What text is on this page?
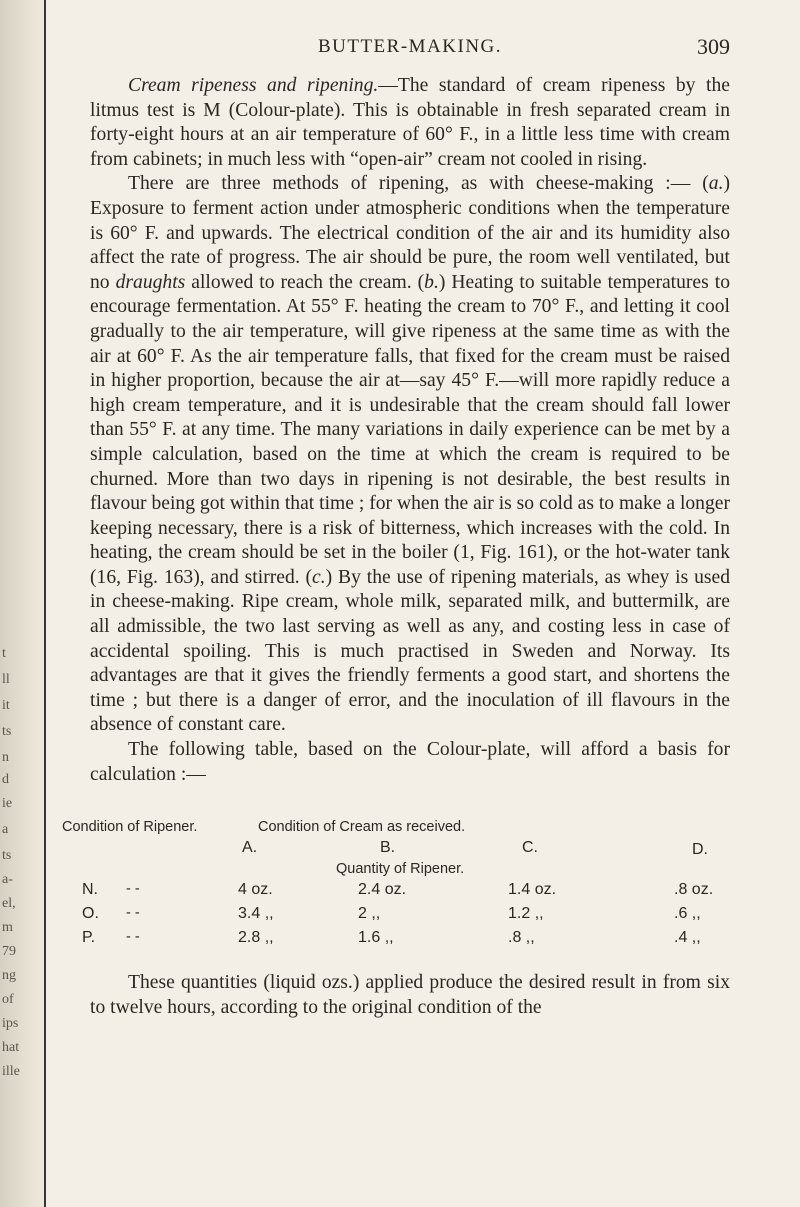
t
ll
it
ts
n
d
ie
a
ts
a-
el,
m
79
ng
of
ips
hat
ille
BUTTER-MAKING.	309

Cream ripeness and ripening.—The standard of cream ripeness by the litmus test is M (Colour-plate). This is obtainable in fresh separated cream in forty-eight hours at an air temperature of 60° F., in a little less time with cream from cabinets; in much less with “open-air” cream not cooled in rising.

There are three methods of ripening, as with cheese-making :— (a.) Exposure to ferment action under atmospheric conditions when the temperature is 60° F. and upwards. The electrical condition of the air and its humidity also affect the rate of progress. The air should be pure, the room well ventilated, but no draughts allowed to reach the cream. (b.) Heating to suitable temperatures to encourage fermentation. At 55° F. heating the cream to 70° F., and letting it cool gradually to the air temperature, will give ripeness at the same time as with the air at 60° F. As the air temperature falls, that fixed for the cream must be raised in higher proportion, because the air at—say 45° F.—will more rapidly reduce a high cream temperature, and it is undesirable that the cream should fall lower than 55° F. at any time. The many variations in daily experience can be met by a simple calculation, based on the time at which the cream is required to be churned. More than two days in ripening is not desirable, the best results in flavour being got within that time ; for when the air is so cold as to make a longer keeping necessary, there is a risk of bitterness, which increases with the cold. In heating, the cream should be set in the boiler (1, Fig. 161), or the hot-water tank (16, Fig. 163), and stirred. (c.) By the use of ripening materials, as whey is used in cheese-making. Ripe cream, whole milk, separated milk, and buttermilk, are all admissible, the two last serving as well as any, and costing less in case of accidental spoiling. This is much practised in Sweden and Norway. Its advantages are that it gives the friendly ferments a good start, and shortens the time ; but there is a danger of error, and the inoculation of ill flavours in the absence of constant care.

The following table, based on the Colour-plate, will afford a basis for calculation :—

Condition of Ripener.	Condition of Cream as received.
A.	B.	C.	D.
Quantity of Ripener.
N. - -	4 oz.	2.4 oz.	1.4 oz.	.8 oz.
O. - -	3.4 ,,	2 ,,	1.2 ,,	.6 ,,
P. - -	2.8 ,,	1.6 ,,	.8 ,,	.4 ,,

These quantities (liquid ozs.) applied produce the desired result in from six to twelve hours, according to the original condition of the
